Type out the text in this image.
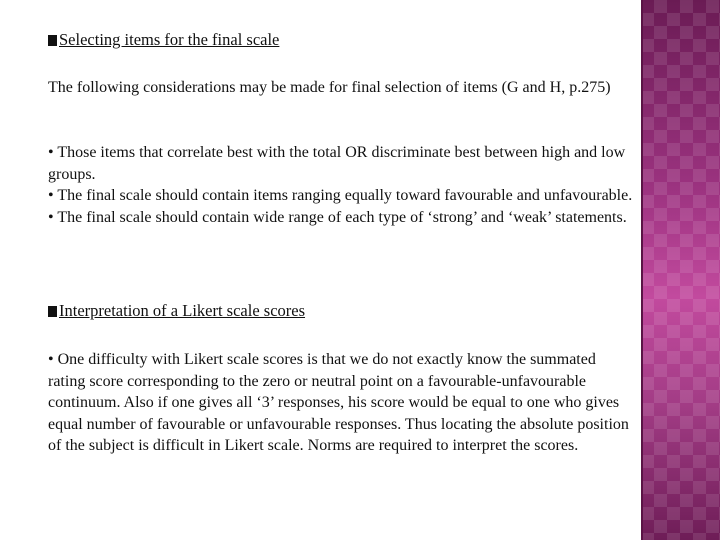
Selecting items for the final scale

The following considerations may be made for final selection of items (G and H, p.275)

• Those items that correlate best with the total OR discriminate best between high and low groups.

• The final scale should contain items ranging equally toward favourable and unfavourable.

• The final scale should contain wide range of each type of ‘strong’ and ‘weak’ statements.

Interpretation of a Likert scale scores

• One difficulty with Likert scale scores is that we do not exactly know the summated rating score corresponding to the zero or neutral point on a favourable-unfavourable continuum. Also if one gives all ‘3’ responses, his score would be equal to one who gives equal number of favourable or unfavourable responses. Thus locating the absolute position of the subject is difficult in Likert scale. Norms are required to interpret the scores.
